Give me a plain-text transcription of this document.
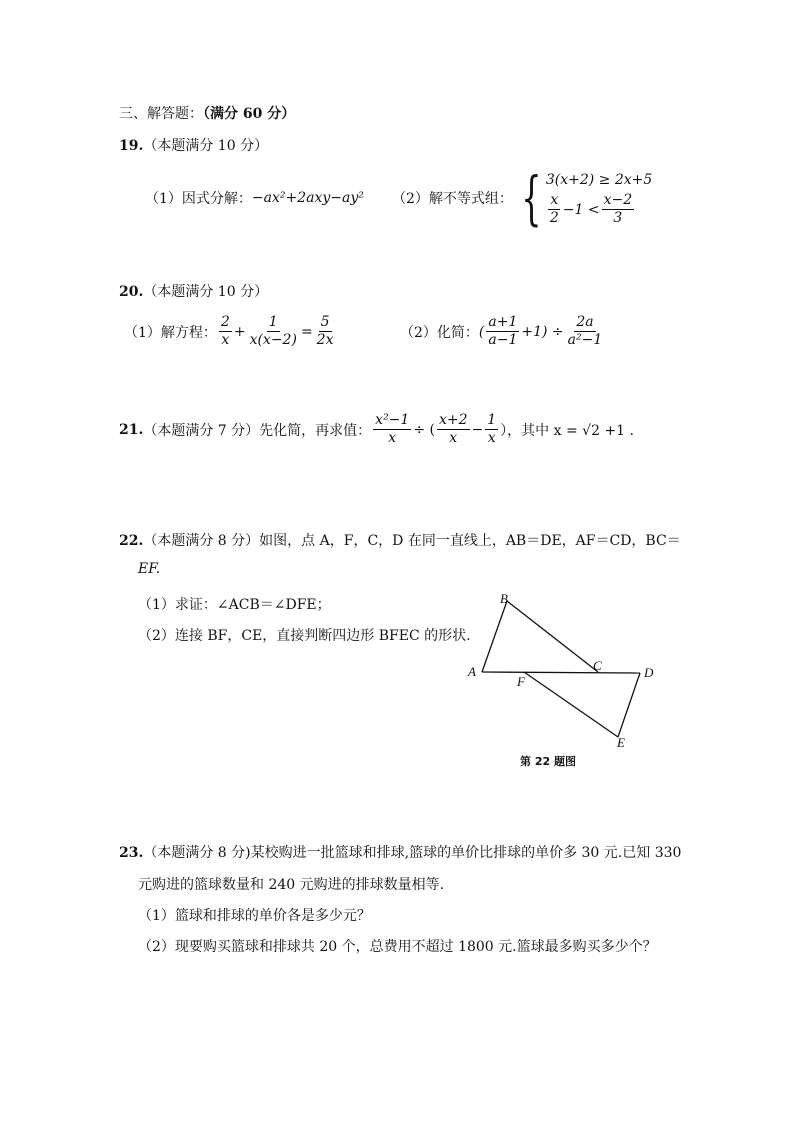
三、解答题：（满分 60 分）
19.（本题满分 10 分）
（1）因式分解： −ax²+2axy−ay² （2）解不等式组： { 3(x+2) ≥ 2x+5
$\frac{x}{2} -1 < \frac{x-2}{3}$
20.（本题满分 10 分）
（1）解方程： $\frac{2}{x} + \frac{1}{x(x-2)} = \frac{5}{2x}$	（2）化简： ( $\frac{a+1}{a-1} +1) \div \frac{2a}{\text{a²−1}}$
21. （本题满分 7 分）先化简，再求值： $\frac{\text{x²−1}}{x}$ ÷ ( $\frac{x+2}{x} - \frac{1}{x}$ ），其中 x = √2 +1 .
22.（本题满分 8 分）如图，点 A，F，C，D 在同一直线上，AB＝DE，AF＝CD，BC＝
EF.
（1）求证：∠ACB＝∠DFE；
（2）连接 BF，CE，直接判断四边形 BFEC 的形状.
B
A	C	D
F
E
第 22 题图
23.（本题满分 8 分)某校购进一批篮球和排球,篮球的单价比排球的单价多 30 元.已知 330
元购进的篮球数量和 240 元购进的排球数量相等.
（1）篮球和排球的单价各是多少元？
（2）现要购买篮球和排球共 20 个，总费用不超过 1800 元.篮球最多购买多少个？
